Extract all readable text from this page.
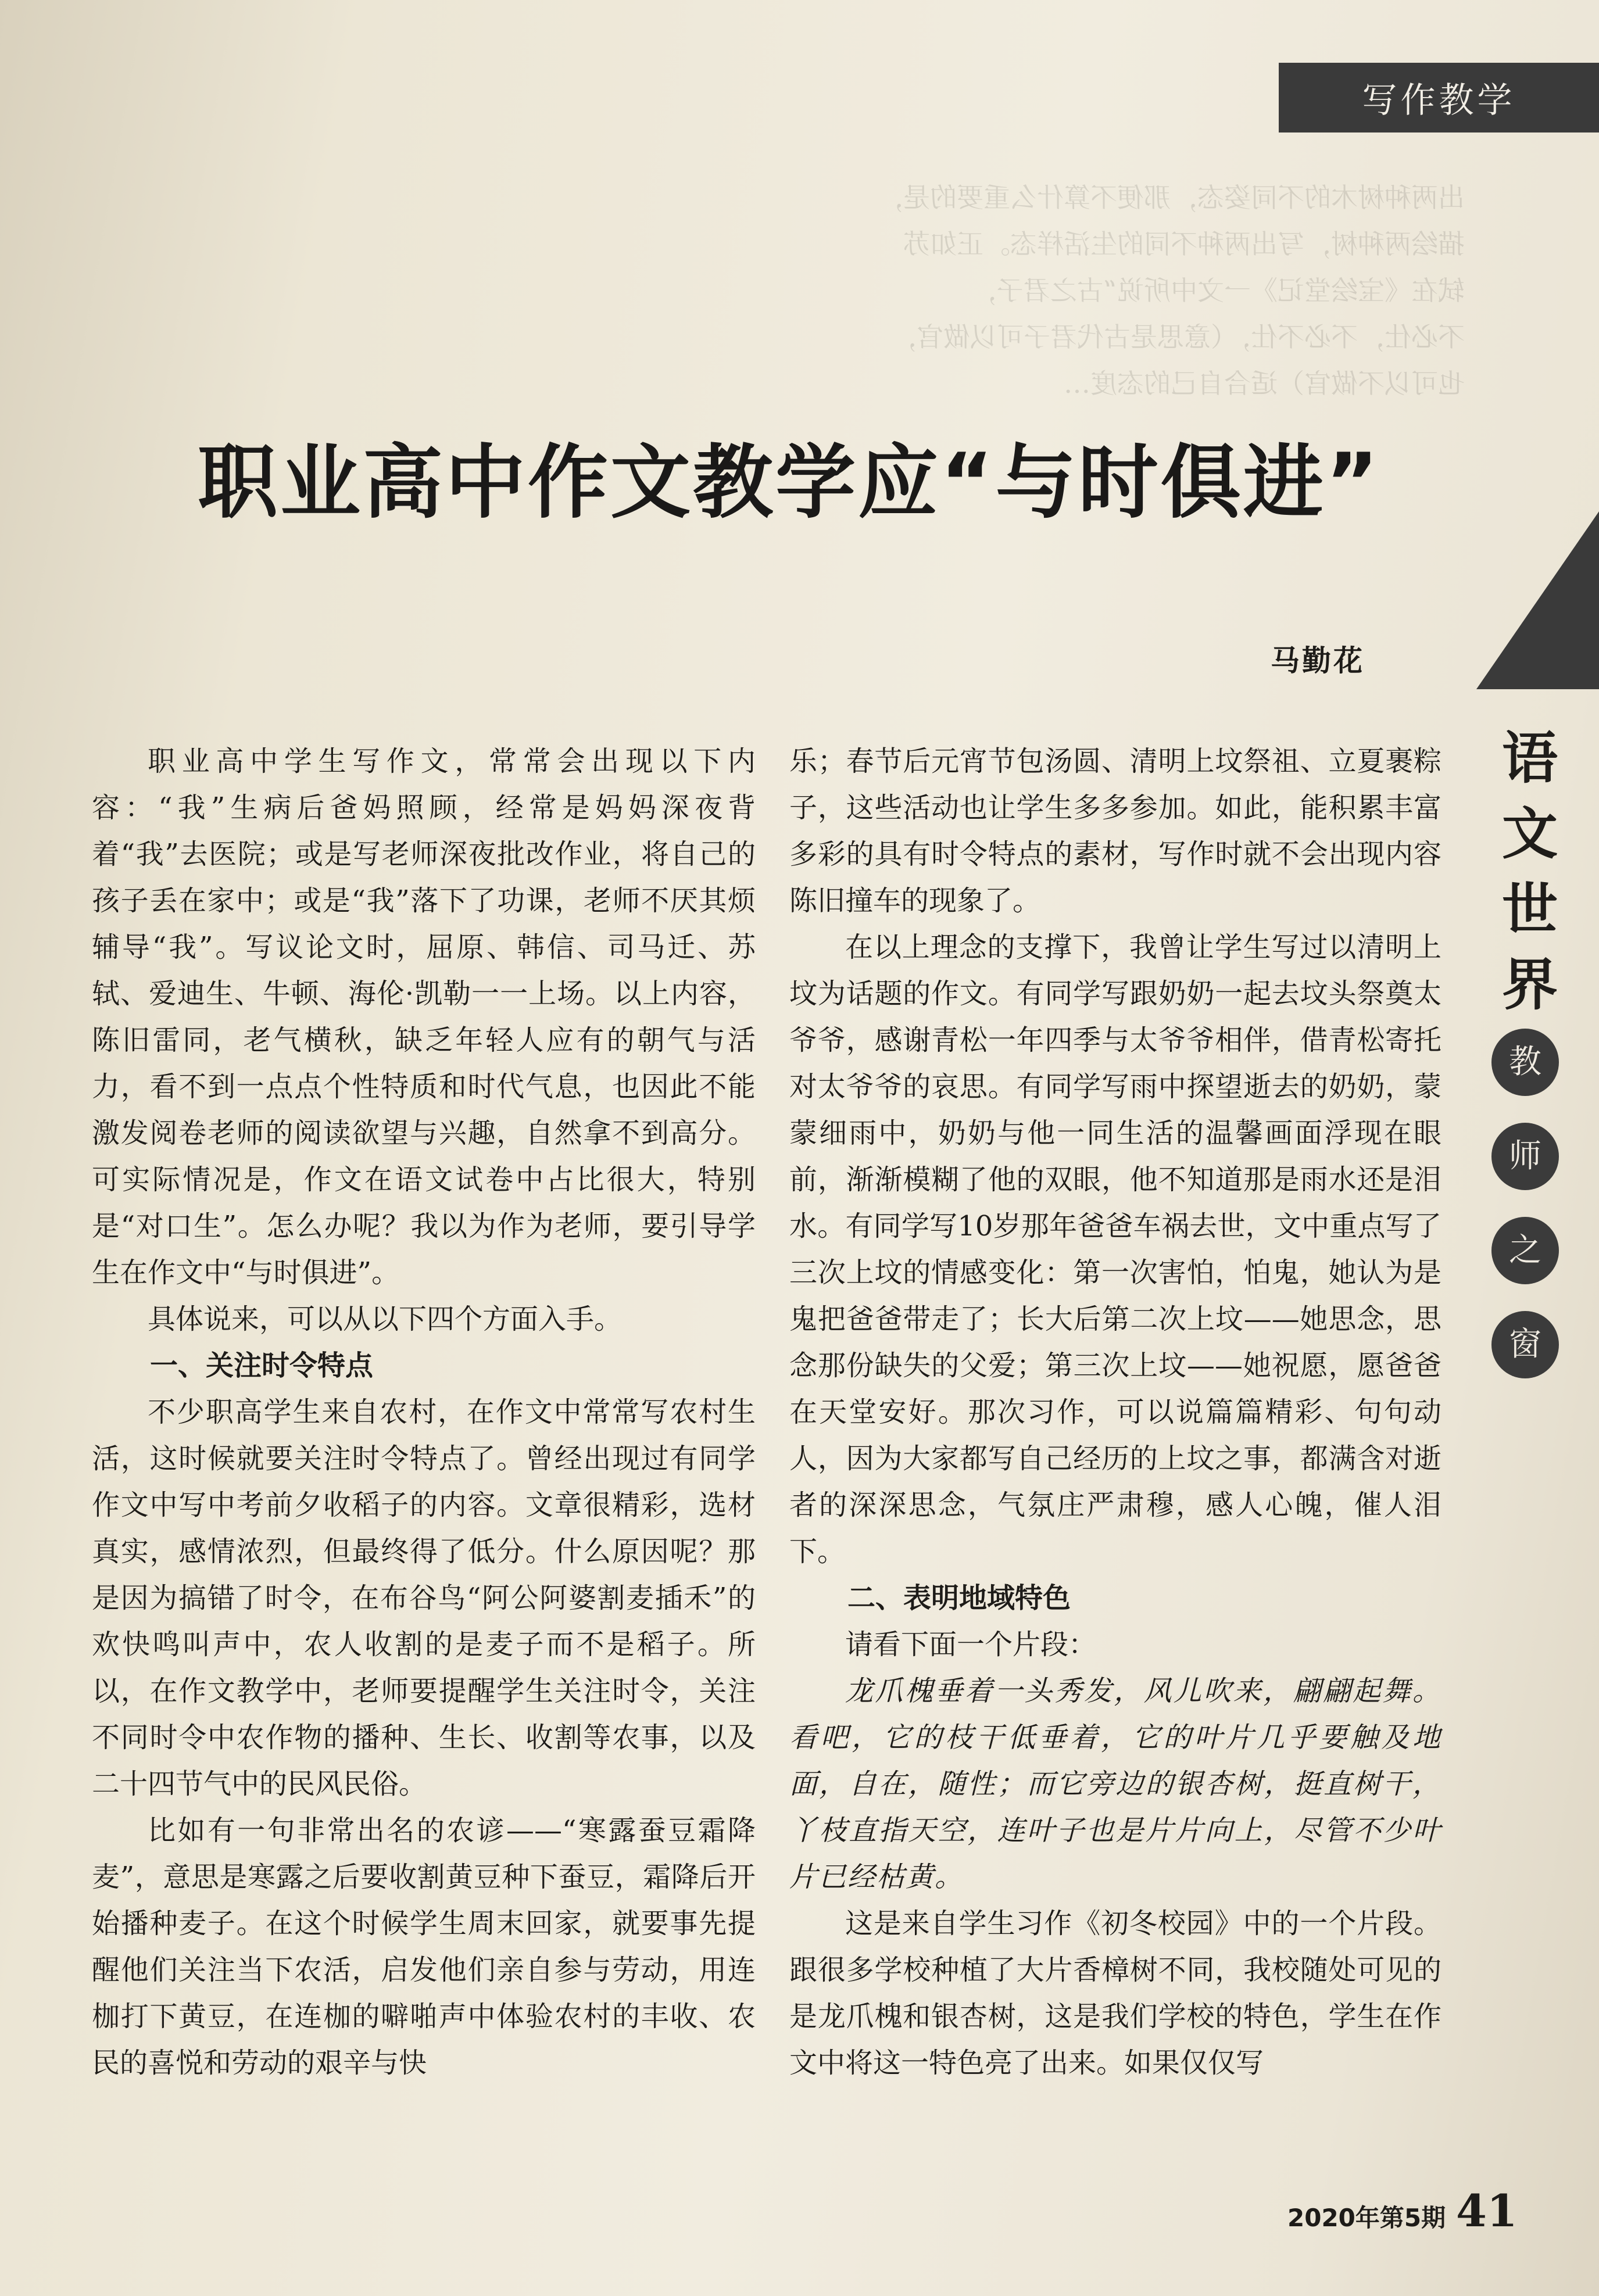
出两种树木的不同姿态，那便不算什么重要的是，
描绘两种树，写出两种不同的生活样态。正如苏
轼在《宝绘堂记》一文中所说“古之君子，
不必仕，不必不仕，（意思是古代君子可以做官，
也可以不做官）适合自己的态度…
写作教学
职业高中作文教学应“与时俱进”
马勤花

职业高中学生写作文，常常会出现以下内容：“我”生病后爸妈照顾，经常是妈妈深夜背着“我”去医院；或是写老师深夜批改作业，将自己的孩子丢在家中；或是“我”落下了功课，老师不厌其烦辅导“我”。写议论文时，屈原、韩信、司马迁、苏轼、爱迪生、牛顿、海伦·凯勒一一上场。以上内容，陈旧雷同，老气横秋，缺乏年轻人应有的朝气与活力，看不到一点点个性特质和时代气息，也因此不能激发阅卷老师的阅读欲望与兴趣，自然拿不到高分。可实际情况是，作文在语文试卷中占比很大，特别是“对口生”。怎么办呢？我以为作为老师，要引导学生在作文中“与时俱进”。

具体说来，可以从以下四个方面入手。

一、关注时令特点

不少职高学生来自农村，在作文中常常写农村生活，这时候就要关注时令特点了。曾经出现过有同学作文中写中考前夕收稻子的内容。文章很精彩，选材真实，感情浓烈，但最终得了低分。什么原因呢？那是因为搞错了时令，在布谷鸟“阿公阿婆割麦插禾”的欢快鸣叫声中，农人收割的是麦子而不是稻子。所以，在作文教学中，老师要提醒学生关注时令，关注不同时令中农作物的播种、生长、收割等农事，以及二十四节气中的民风民俗。

比如有一句非常出名的农谚——“寒露蚕豆霜降麦”，意思是寒露之后要收割黄豆种下蚕豆，霜降后开始播种麦子。在这个时候学生周末回家，就要事先提醒他们关注当下农活，启发他们亲自参与劳动，用连枷打下黄豆，在连枷的噼啪声中体验农村的丰收、农民的喜悦和劳动的艰辛与快

乐；春节后元宵节包汤圆、清明上坟祭祖、立夏裹粽子，这些活动也让学生多多参加。如此，能积累丰富多彩的具有时令特点的素材，写作时就不会出现内容陈旧撞车的现象了。

在以上理念的支撑下，我曾让学生写过以清明上坟为话题的作文。有同学写跟奶奶一起去坟头祭奠太爷爷，感谢青松一年四季与太爷爷相伴，借青松寄托对太爷爷的哀思。有同学写雨中探望逝去的奶奶，蒙蒙细雨中，奶奶与他一同生活的温馨画面浮现在眼前，渐渐模糊了他的双眼，他不知道那是雨水还是泪水。有同学写10岁那年爸爸车祸去世，文中重点写了三次上坟的情感变化：第一次害怕，怕鬼，她认为是鬼把爸爸带走了；长大后第二次上坟——她思念，思念那份缺失的父爱；第三次上坟——她祝愿，愿爸爸在天堂安好。那次习作，可以说篇篇精彩、句句动人，因为大家都写自己经历的上坟之事，都满含对逝者的深深思念，气氛庄严肃穆，感人心魄，催人泪下。

二、表明地域特色

请看下面一个片段：

龙爪槐垂着一头秀发，风儿吹来，翩翩起舞。看吧，它的枝干低垂着，它的叶片几乎要触及地面，自在，随性；而它旁边的银杏树，挺直树干，丫枝直指天空，连叶子也是片片向上，尽管不少叶片已经枯黄。

这是来自学生习作《初冬校园》中的一个片段。跟很多学校种植了大片香樟树不同，我校随处可见的是龙爪槐和银杏树，这是我们学校的特色，学生在作文中将这一特色亮了出来。如果仅仅写

语
文
世
界
教
师
之
窗
2020年第5期 41
